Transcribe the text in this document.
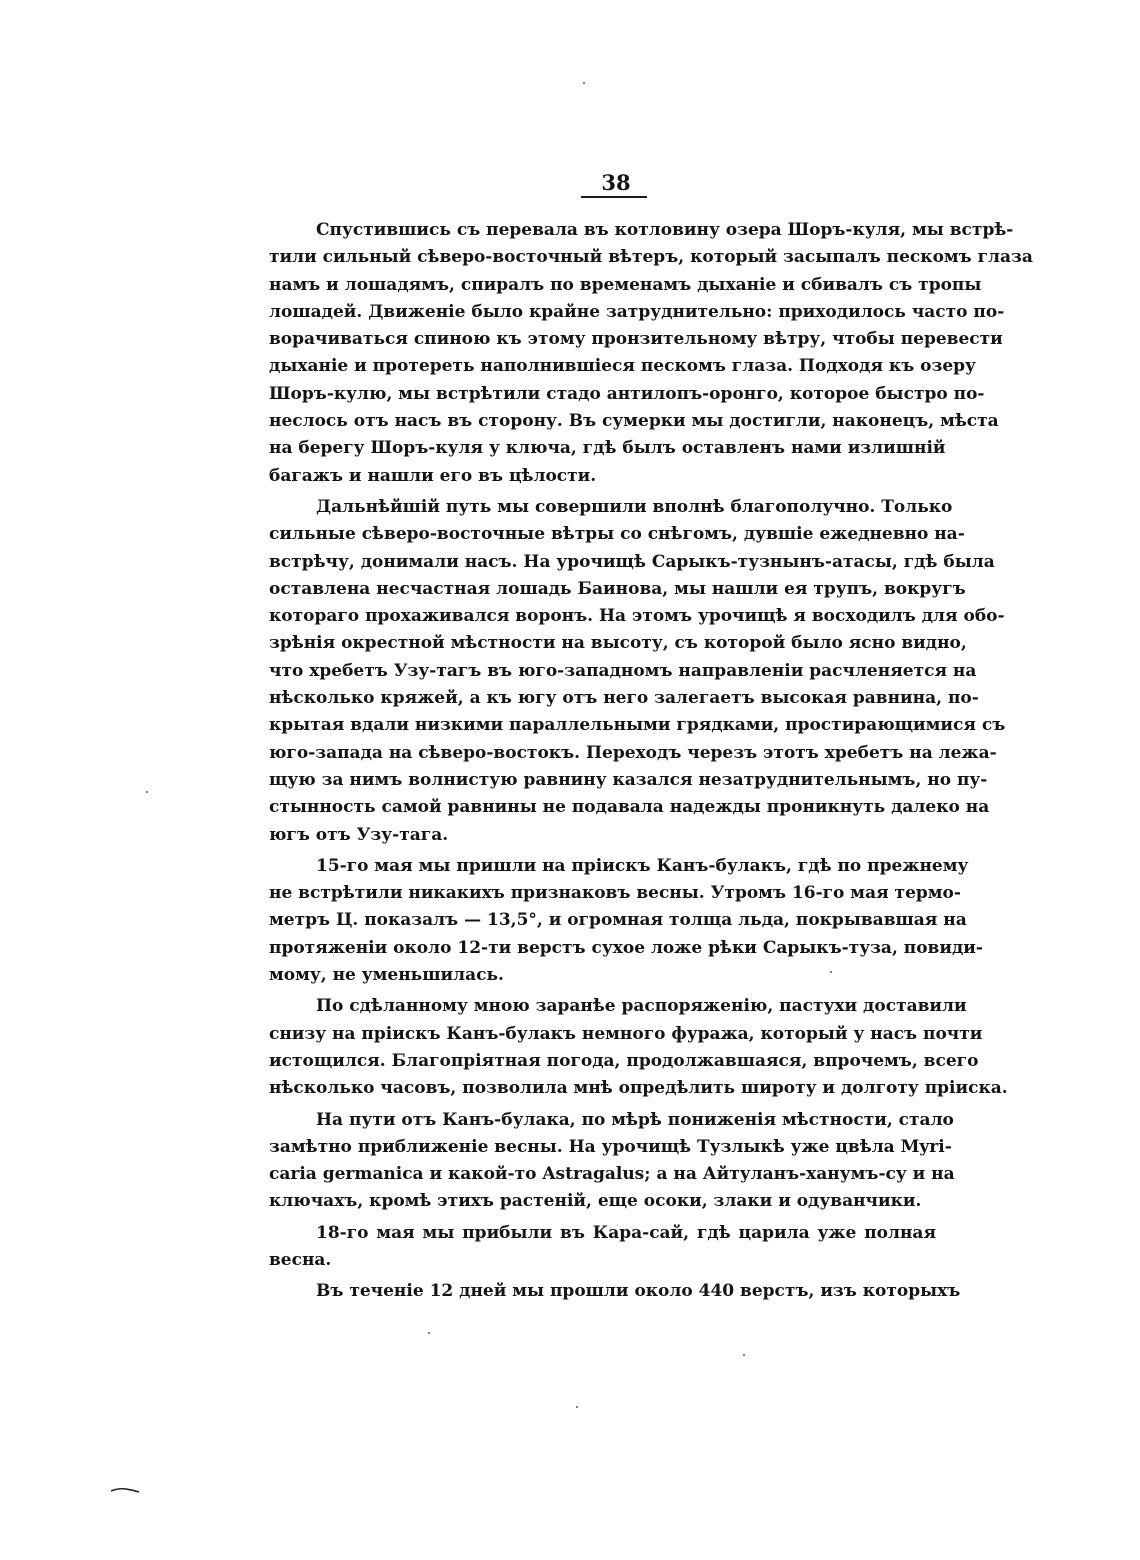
38
Спустившись съ перевала въ котловину озера Шоръ-куля, мы встрѣ-
тили сильный сѣверо-восточный вѣтеръ, который засыпалъ пескомъ глаза
намъ и лошадямъ, спиралъ по временамъ дыханіе и сбивалъ съ тропы
лошадей. Движеніе было крайне затруднительно: приходилось часто по-
ворачиваться спиною къ этому пронзительному вѣтру, чтобы перевести
дыханіе и протереть наполнившіеся пескомъ глаза. Подходя къ озеру
Шоръ-кулю, мы встрѣтили стадо антилопъ-оронго, которое быстро по-
неслось отъ насъ въ сторону. Въ сумерки мы достигли, наконецъ, мѣста
на берегу Шоръ-куля у ключа, гдѣ былъ оставленъ нами излишній
багажъ и нашли его въ цѣлости.
Дальнѣйшій путь мы совершили вполнѣ благополучно. Только
сильные сѣверо-восточные вѣтры со снѣгомъ, дувшіе ежедневно на-
встрѣчу, донимали насъ. На урочищѣ Сарыкъ-тузнынъ-атасы, гдѣ была
оставлена несчастная лошадь Баинова, мы нашли ея трупъ, вокругъ
котораго прохаживался воронъ. На этомъ урочищѣ я восходилъ для обо-
зрѣнія окрестной мѣстности на высоту, съ которой было ясно видно,
что хребетъ Узу-тагъ въ юго-западномъ направленіи расчленяется на
нѣсколько кряжей, а къ югу отъ него залегаетъ высокая равнина, по-
крытая вдали низкими параллельными грядками, простирающимися съ
юго-запада на сѣверо-востокъ. Переходъ черезъ этотъ хребетъ на лежа-
щую за нимъ волнистую равнину казался незатруднительнымъ, но пу-
стынность самой равнины не подавала надежды проникнуть далеко на
югъ отъ Узу-тага.
15-го мая мы пришли на пріискъ Канъ-булакъ, гдѣ по прежнему
не встрѣтили никакихъ признаковъ весны. Утромъ 16-го мая термо-
метръ Ц. показалъ — 13,5°, и огромная толща льда, покрывавшая на
протяженіи около 12-ти верстъ сухое ложе рѣки Сарыкъ-туза, повиди-
мому, не уменьшилась.
По сдѣланному мною заранѣе распоряженію, пастухи доставили
снизу на пріискъ Канъ-булакъ немного фуража, который у насъ почти
истощился. Благопріятная погода, продолжавшаяся, впрочемъ, всего
нѣсколько часовъ, позволила мнѣ опредѣлить широту и долготу пріиска.
На пути отъ Канъ-булака, по мѣрѣ пониженія мѣстности, стало
замѣтно приближеніе весны. На урочищѣ Тузлыкѣ уже цвѣла Myri-
caria germanica и какой-то Astragalus; а на Айтуланъ-ханумъ-су и на
ключахъ, кромѣ этихъ растеній, еще осоки, злаки и одуванчики.
18-го мая мы прибыли въ Кара-сай, гдѣ царила уже полная
весна.
Въ теченіе 12 дней мы прошли около 440 верстъ, изъ которыхъ
